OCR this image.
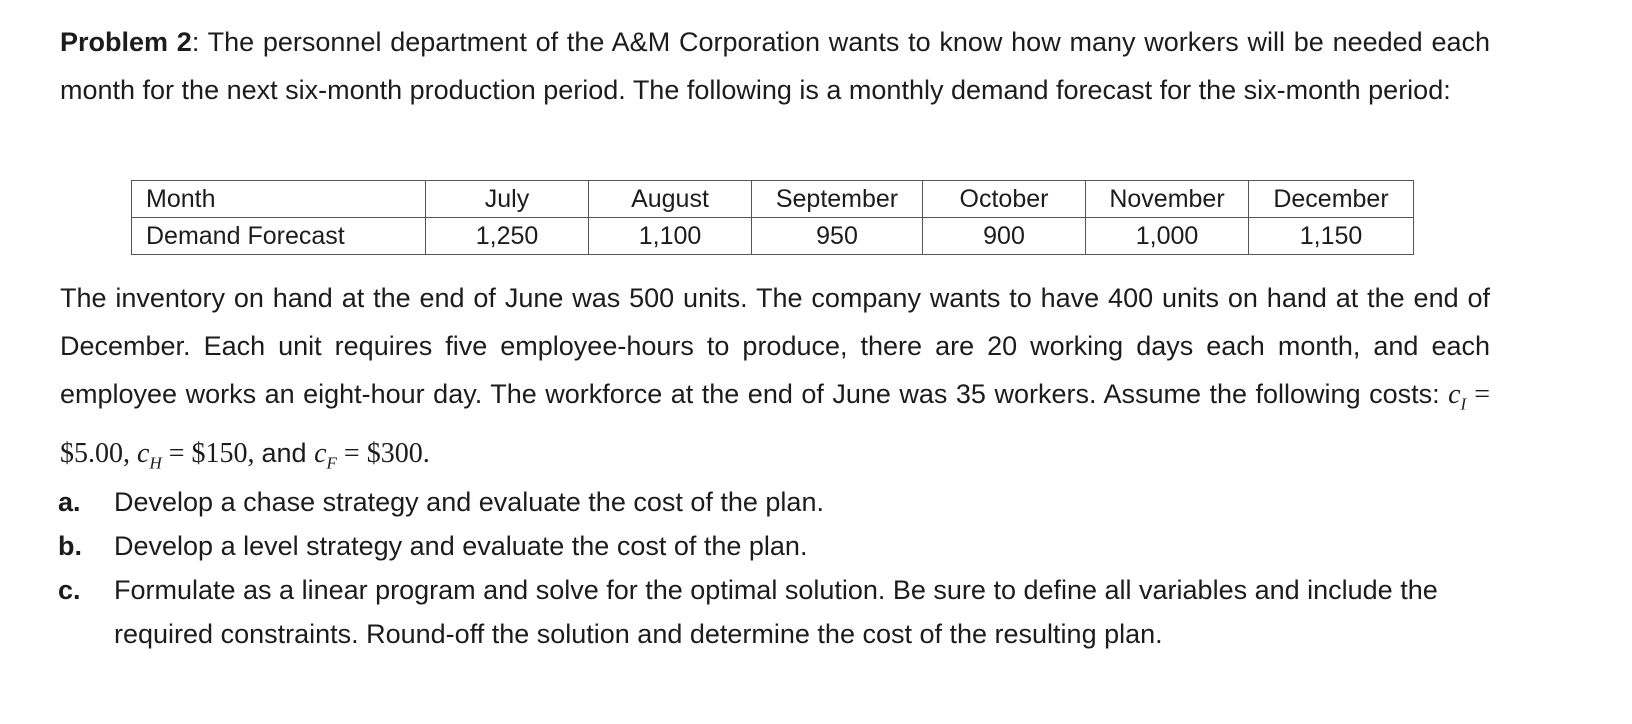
Problem 2: The personnel department of the A&M Corporation wants to know how many workers will be needed each month for the next six-month production period. The following is a monthly demand forecast for the six-month period:
Month	July	August	September	October	November	December
Demand Forecast	1,250	1,100	950	900	1,000	1,150
The inventory on hand at the end of June was 500 units. The company wants to have 400 units on hand at the end of December. Each unit requires five employee-hours to produce, there are 20 working days each month, and each employee works an eight-hour day. The workforce at the end of June was 35 workers. Assume the following costs: $c_I$ = $5.00, $c_H$ = $150, and $c_F$ = $300.
a.	Develop a chase strategy and evaluate the cost of the plan.
b.	Develop a level strategy and evaluate the cost of the plan.
c.	Formulate as a linear program and solve for the optimal solution. Be sure to define all variables and include the required constraints. Round-off the solution and determine the cost of the resulting plan.
